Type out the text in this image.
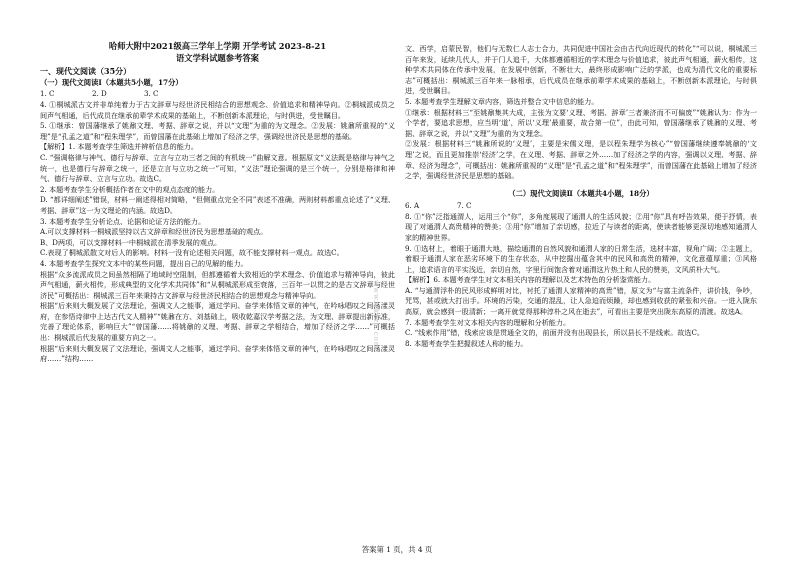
哈师大附中2021级高三学年上学期 开学考试 2023-8-21
语文学科试题参考答案
一、现代文阅读（35分）
（一）现代文阅读Ⅰ（本题共5小题，17分）
1. C	2. D	3. C

4. ①桐城派古文并非单纯着力于古文辞章与经世济民相结合的思想观念、价值追求和精神导向。②桐城派成员之间声气相通，后代成员在继承前辈学术成果的基础上，不断创新本派理论，与时俱进，受世瞩目。

5. ①继承：曾国藩继承了姚鼐文理、考据、辞章之说，并以“文理”为重的为文理念。②发展：姚鼐所重视的“义理”是“孔孟之道”和“程朱理学”，而曾国藩在此基础上增加了经济之学，强调经世济民是思想的基础。

【解析】1. 本题考查学生筛选并辨析信息的能力。

C. “强调格律与神气、德行与辞章、立言与立功三者之间的有机统一”曲解文意。根据原文“义法既是格律与神气之统一，也是德行与辞章之统一，还是立言与立功之统一”可知，“义法”理论强调的是三个统一，分别是格律和神气、德行与辞章、立言与立功。故选C。

2. 本题考查学生分析概括作者在文中的观点态度的能力。

D. “都详细阐述”错误，材料一阐述得相对简略，“但侧重点完全不同”表述不准确，两则材料都重点论述了“义理、考据、辞章”这一为文理论的内涵。故选D。

3. 本题考查学生分析论点、论据和论证方法的能力。

A.可以支撑材料一桐城派坚持以古文辞章和经世济民为思想基础的观点。

B、D两项，可以支撑材料一中桐城派在清季发展的观点。

C.表现了桐城派散文对后人的影响。材料一没有论述相关问题，故不能支撑材料一观点。故选C。

4. 本题考查学生探究文本中的某些问题，提出自己的见解的能力。

根据“众多流派成员之间虽然相隔了地域时空阻制，但都遵循着大致相近的学术理念、价值追求与精神导向，彼此声气相通，薪火相传，形成典型的文化学术共同体”和“从桐城派形成至衰落，三百年一以贯之的是古文辞章与经世济民”可概括出：桐城派三百年来秉持古文辞章与经世济民相结合的思想观念与精神导向。

根据“后来则大概发展了文法理论，强调文人之能事，通过学问、奋学来体悟文章的神气，在吟咏唱叹之间荡漾灵府，在参悟诗律中上达古代文人精神”“姚鼐在方、刘基础上，吸收乾嘉汉学考据之法，为文理、辞章提出新标准，完善了理论体系，影响巨大”“曾国藩……将姚鼐的义理、考据、辞章之学相结合，增加了经济之学……”可概括出：桐城派后代发展的重要方向之一。

根据“后来则大概发展了文法理论，强调文人之能事，通过学问、奋学来体悟文章的神气，在吟咏唱叹之间荡漾灵府……”结构……

www.gkzzx.com

文、西学，启蒙民智，他们与无数仁人志士合力，共同促进中国社会由古代向近现代的转化”“可以说，桐城派三百年来发，延续几代人，并于门人追千，大体都遵循相近的学术理念与价值追求，彼此声气相通，薪火相传，这种学术共同体在传承中发展，在发展中创新，不断壮大，最终形成影响广泛的学派，也成为清代文化的重要标志”可概括出：桐城派三百年来一脉相承，后代成员在继承前辈学术成果的基础上，不断创新本派理论，与时俱进，受世瞩目。

5. 本题考查学生理解文章内容，筛选并整合文中信息的能力。

①继承：根据材料三“至姚鼐集其大成，主张为文要‘义理、考据、辞章’三者兼济而不可偏废”“姚鼐认为：作为一个学者，要追求思想，应当明‘道’，所以‘义理’最重要，故合第一位”，由此可知，曾国藩继承了姚鼐的义理、考据、辞章之说，并以“文理”为重的为文理念。

②发展：根据材料三“姚鼐所说的‘义理’，主要是宋儒义理，是以程朱理学为核心”“曾国藩继续遵奉姚鼐的‘文理’之说，而且更加推崇‘经济’之学，在义理、考据、辞章之外……加了经济之学的内容，强调以义理、考据、辞章、经济为理念”，可概括出：姚鼐所重视的“义理”是“孔孟之道”和“程朱理学”，而曾国藩在此基础上增加了经济之学，强调经世济民是思想的基础。

（二）现代文阅读Ⅱ（本题共4小题，18分）
6. A	7. C

8. ①“你”泛指通渭人，运用三个“你”，多角度展现了通渭人的生活风貌；②用“你”具有呼告效果，便于抒情，表现了对通渭人高贵精神的赞美；③用“你”增加了亲切感，拉近了与读者的距离，使读者能够更深切地感知通渭人家的精神世界。

9. ①选材上，着眼于通渭大地，描绘通渭的自然风貌和通渭人家的日常生活，选材丰富，视角广阔；②主题上，着眼于通渭人家在恶劣环境下的生存状态，从中挖掘出蕴含其中的民风和高贵的精神，文化意蕴厚重；③风格上，追求语言的平实浅近，亲切自然，字里行间饱含着对通渭这片热土和人民的赞美，文风质朴大气。

【解析】6. 本题考查学生对文本相关内容的理解以及艺术特色的分析鉴赏能力。

A. “与通渭浮朴的民风形成鲜明对比，衬托了通渭人家精神的高贵”错，原文为“与富主流条件，讲价钱，争吵，咒骂，甚或就大打出手。环境的污染，交通的混乱，让人急迫而烦躁，却也感到收获的紧张和兴奋。一进入陇东高原，就会感到一股清新；一离开就觉得那种淳朴之风在逝去”，可看出主要是突出陇东高原的清渡。故选A。

7. 本题考查学生对文本相关内容的理解和分析能力。

C. “线索作用”错，线索应该是贯通全文的，前面并没有出现县长，所以县长不是线索。故选C。

8. 本题考查学生把握叙述人称的能力。

答案第 1 页，共 4 页
